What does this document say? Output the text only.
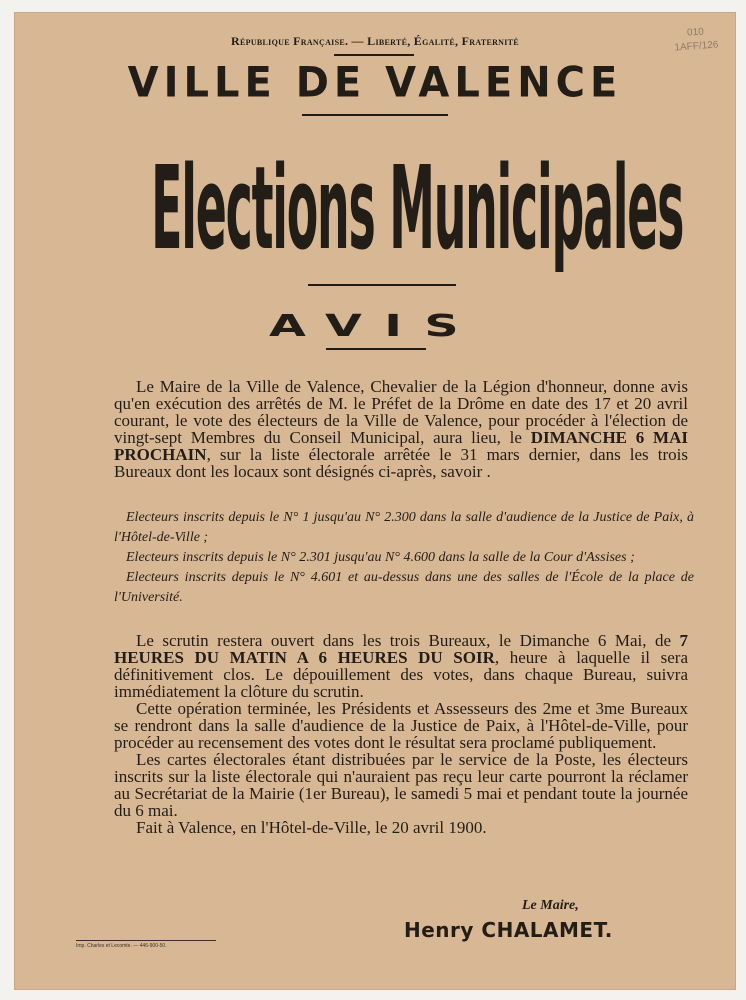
010
1AFF/126
République Française. — Liberté, Égalité, Fraternité
VILLE DE VALENCE
Elections Municipales
AVIS

Le Maire de la Ville de Valence, Chevalier de la Légion d'honneur, donne avis qu'en exécution des arrêtés de M. le Préfet de la Drôme en date des 17 et 20 avril courant, le vote des électeurs de la Ville de Valence, pour procéder à l'élection de vingt-sept Membres du Conseil Municipal, aura lieu, le DIMANCHE 6 MAI PROCHAIN, sur la liste électorale arrêtée le 31 mars dernier, dans les trois Bureaux dont les locaux sont désignés ci-après, savoir .

Electeurs inscrits depuis le N° 1 jusqu'au N° 2.300 dans la salle d'audience de la Justice de Paix, à l'Hôtel-de-Ville ;

Electeurs inscrits depuis le N° 2.301 jusqu'au N° 4.600 dans la salle de la Cour d'Assises ;

Electeurs inscrits depuis le N° 4.601 et au-dessus dans une des salles de l'École de la place de l'Université.

Le scrutin restera ouvert dans les trois Bureaux, le Dimanche 6 Mai, de 7 HEURES DU MATIN A 6 HEURES DU SOIR, heure à laquelle il sera définitivement clos. Le dépouillement des votes, dans chaque Bureau, suivra immédiatement la clôture du scrutin.

Cette opération terminée, les Présidents et Assesseurs des 2me et 3me Bureaux se rendront dans la salle d'audience de la Justice de Paix, à l'Hôtel-de-Ville, pour procéder au recensement des votes dont le résultat sera proclamé publiquement.

Les cartes électorales étant distribuées par le service de la Poste, les électeurs inscrits sur la liste électorale qui n'auraient pas reçu leur carte pourront la réclamer au Secrétariat de la Mairie (1er Bureau), le samedi 5 mai et pendant toute la journée du 6 mai.

Fait à Valence, en l'Hôtel-de-Ville, le 20 avril 1900.

Le Maire,
Henry CHALAMET.
Imp. Charles et Lecomte. — 446-900-50.
